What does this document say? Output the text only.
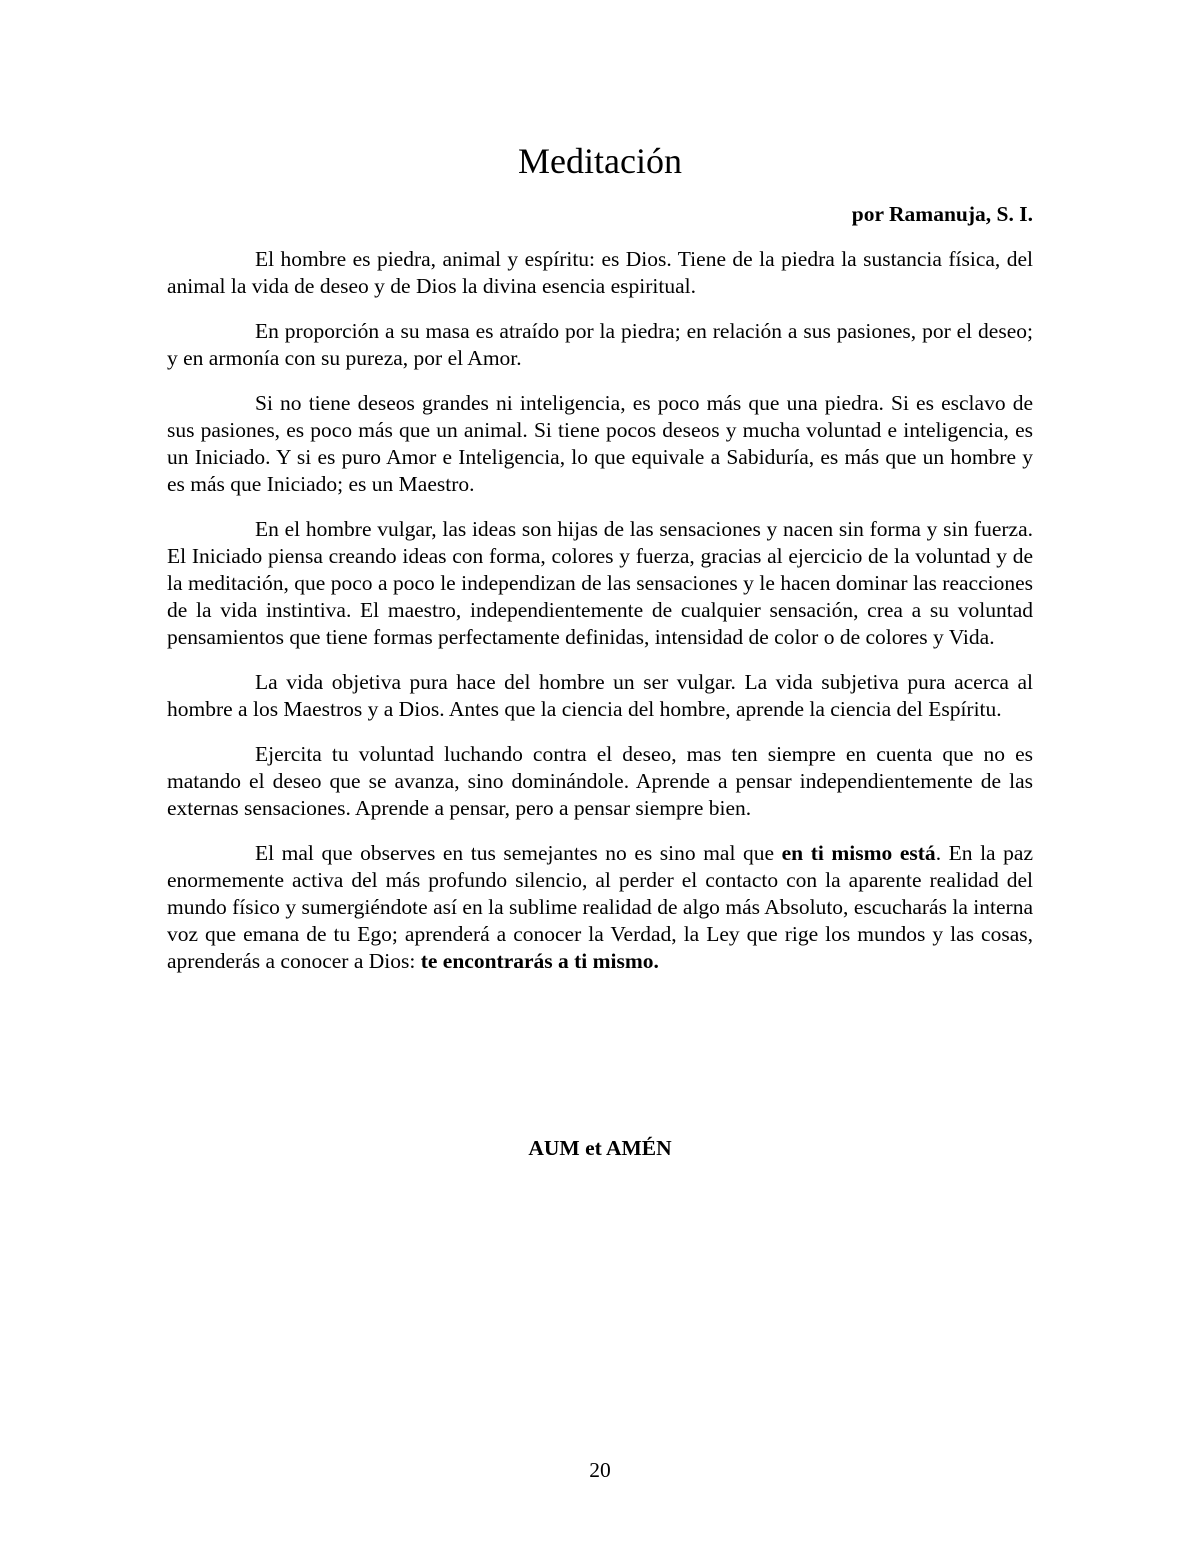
Meditación
por Ramanuja, S. I.

El hombre es piedra, animal y espíritu: es Dios. Tiene de la piedra la sustancia física, del animal la vida de deseo y de Dios la divina esencia espiritual.

En proporción a su masa es atraído por la piedra; en relación a sus pasiones, por el deseo; y en armonía con su pureza, por el Amor.

Si no tiene deseos grandes ni inteligencia, es poco más que una piedra. Si es esclavo de sus pasiones, es poco más que un animal. Si tiene pocos deseos y mucha voluntad e inteligencia, es un Iniciado. Y si es puro Amor e Inteligencia, lo que equivale a Sabiduría, es más que un hombre y es más que Iniciado; es un Maestro.

En el hombre vulgar, las ideas son hijas de las sensaciones y nacen sin forma y sin fuerza. El Iniciado piensa creando ideas con forma, colores y fuerza, gracias al ejercicio de la voluntad y de la meditación, que poco a poco le independizan de las sensaciones y le hacen dominar las reacciones de la vida instintiva. El maestro, independientemente de cualquier sensación, crea a su voluntad pensamientos que tiene formas perfectamente definidas, intensidad de color o de colores y Vida.

La vida objetiva pura hace del hombre un ser vulgar. La vida subjetiva pura acerca al hombre a los Maestros y a Dios. Antes que la ciencia del hombre, aprende la ciencia del Espíritu.

Ejercita tu voluntad luchando contra el deseo, mas ten siempre en cuenta que no es matando el deseo que se avanza, sino dominándole. Aprende a pensar independientemente de las externas sensaciones. Aprende a pensar, pero a pensar siempre bien.

El mal que observes en tus semejantes no es sino mal que en ti mismo está. En la paz enormemente activa del más profundo silencio, al perder el contacto con la aparente realidad del mundo físico y sumergiéndote así en la sublime realidad de algo más Absoluto, escucharás la interna voz que emana de tu Ego; aprenderá a conocer la Verdad, la Ley que rige los mundos y las cosas, aprenderás a conocer a Dios: te encontrarás a ti mismo.

AUM et AMÉN
20
